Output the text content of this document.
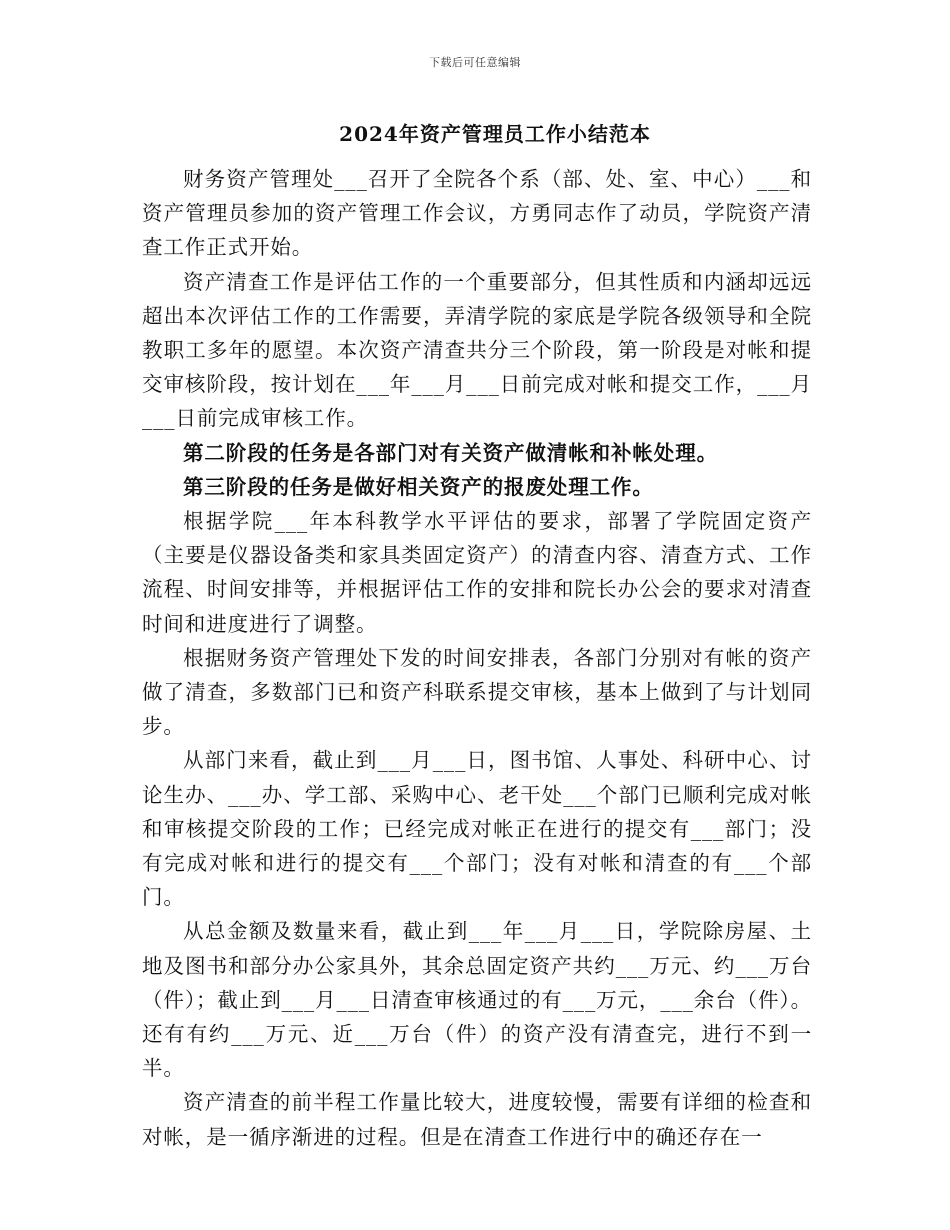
下载后可任意编辑
2024年资产管理员工作小结范本

财务资产管理处___召开了全院各个系（部、处、室、中心）___和资产管理员参加的资产管理工作会议，方勇同志作了动员，学院资产清查工作正式开始。

资产清查工作是评估工作的一个重要部分，但其性质和内涵却远远超出本次评估工作的工作需要，弄清学院的家底是学院各级领导和全院教职工多年的愿望。本次资产清查共分三个阶段，第一阶段是对帐和提交审核阶段，按计划在___年___月___日前完成对帐和提交工作，___月___日前完成审核工作。

第二阶段的任务是各部门对有关资产做清帐和补帐处理。

第三阶段的任务是做好相关资产的报废处理工作。

根据学院___年本科教学水平评估的要求，部署了学院固定资产（主要是仪器设备类和家具类固定资产）的清查内容、清查方式、工作流程、时间安排等，并根据评估工作的安排和院长办公会的要求对清查时间和进度进行了调整。

根据财务资产管理处下发的时间安排表，各部门分别对有帐的资产做了清查，多数部门已和资产科联系提交审核，基本上做到了与计划同步。

从部门来看，截止到___月___日，图书馆、人事处、科研中心、讨论生办、___办、学工部、采购中心、老干处___个部门已顺利完成对帐和审核提交阶段的工作；已经完成对帐正在进行的提交有___部门；没有完成对帐和进行的提交有___个部门；没有对帐和清查的有___个部门。

从总金额及数量来看，截止到___年___月___日，学院除房屋、土地及图书和部分办公家具外，其余总固定资产共约___万元、约___万台（件）；截止到___月___日清查审核通过的有___万元，___余台（件）。还有有约___万元、近___万台（件）的资产没有清查完，进行不到一半。

资产清查的前半程工作量比较大，进度较慢，需要有详细的检查和对帐，是一循序渐进的过程。但是在清查工作进行中的确还存在一
